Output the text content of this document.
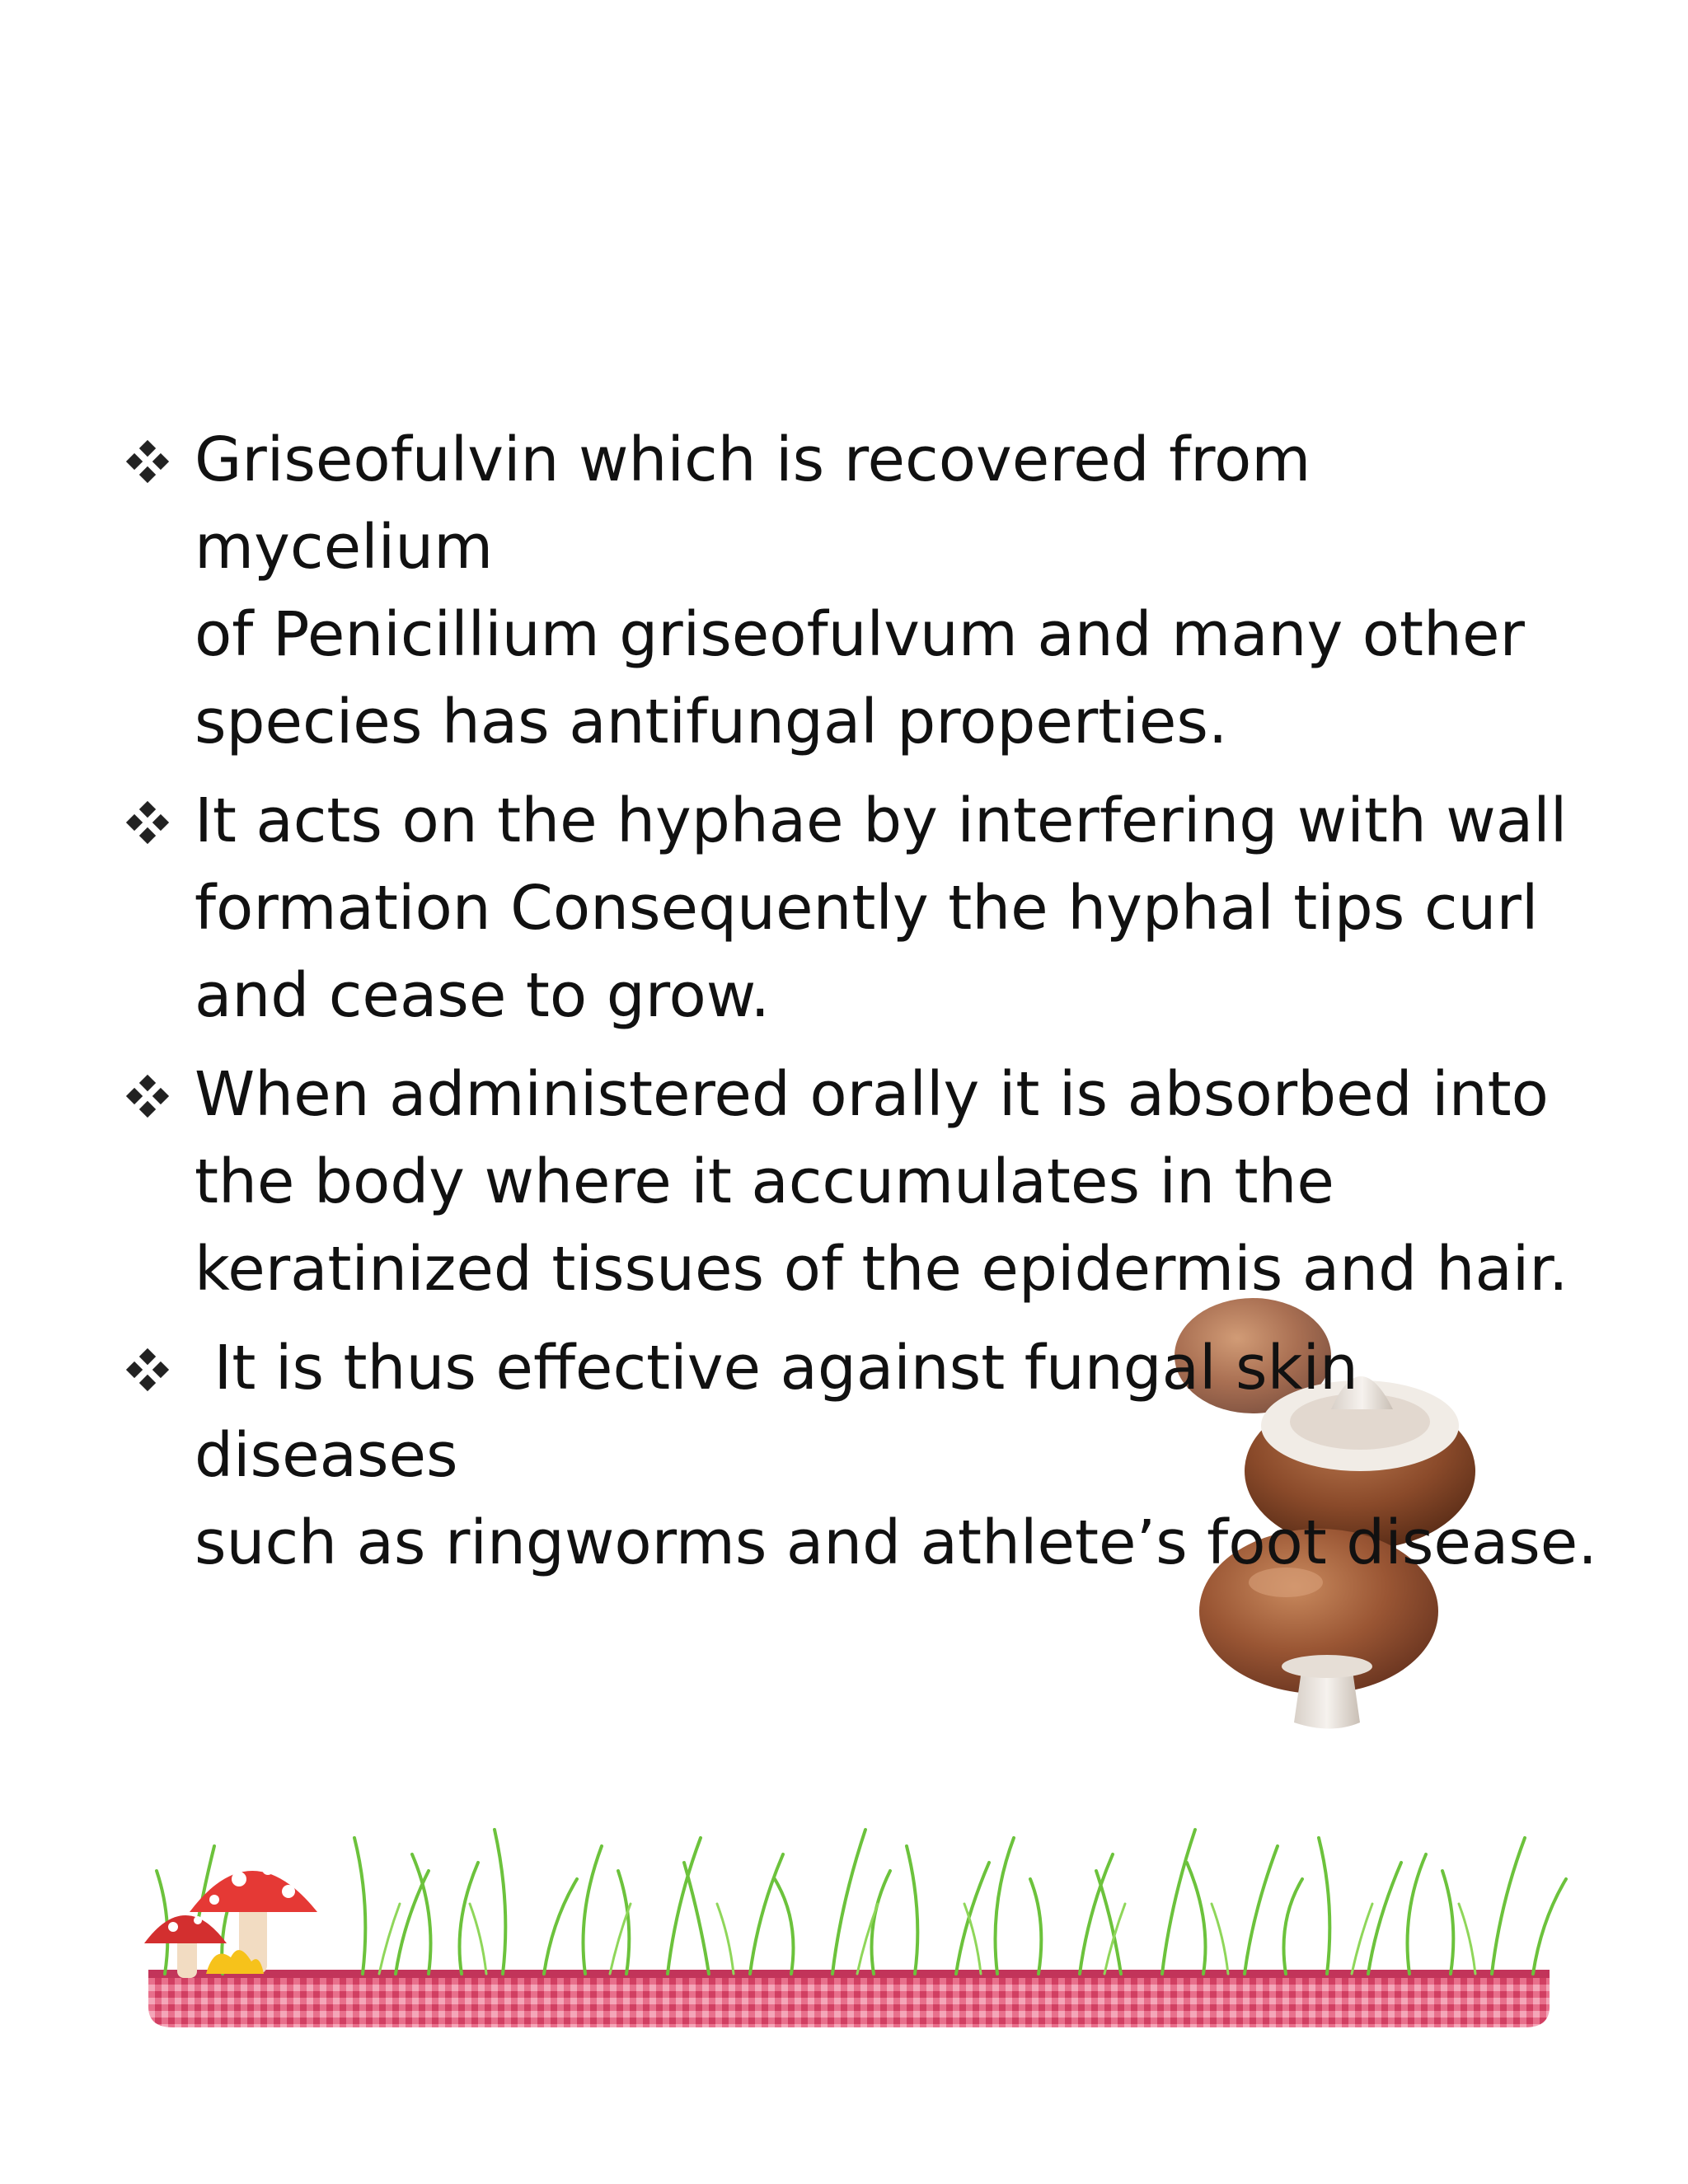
Griseofulvin which is recovered from mycelium
of Penicillium griseofulvum and many other
species has antifungal properties.
It acts on the hyphae by interfering with wall
formation Consequently the hyphal tips curl
and cease to grow.
When administered orally it is absorbed into
the body where it accumulates in the
keratinized tissues of the epidermis and hair.
It is thus effective against fungal skin diseases
such as ringworms and athlete’s foot disease.
